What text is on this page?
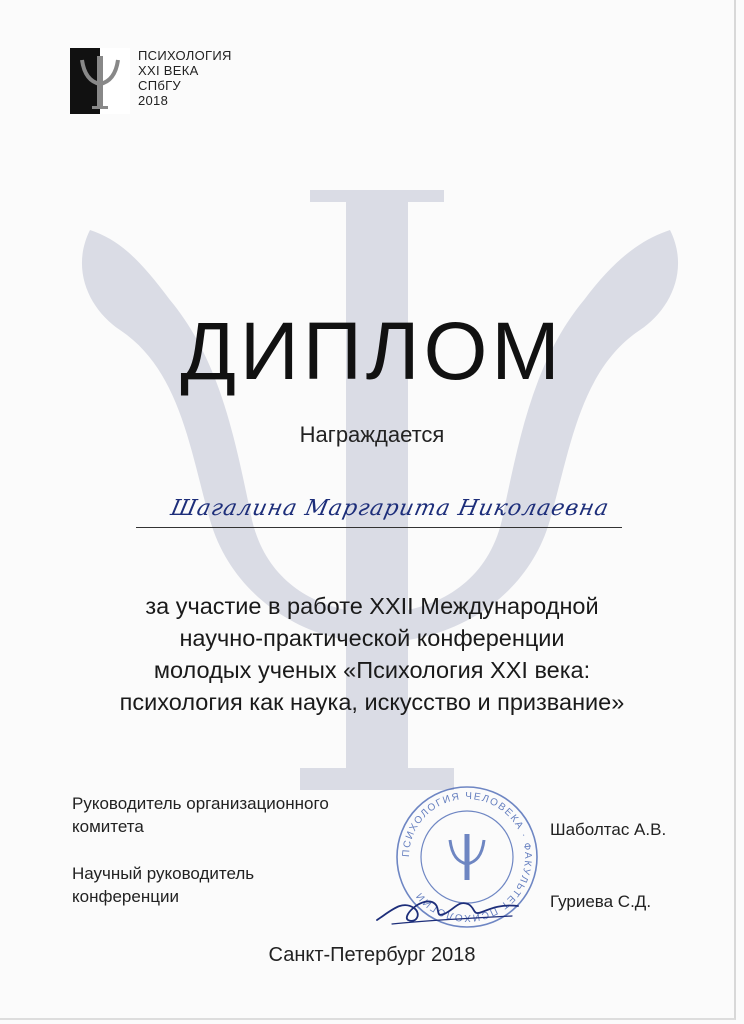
ПСИХОЛОГИЯ
XXI ВЕКА
СПбГУ
2018
ДИПЛОМ
Награждается
Шагалина Маргарита Николаевна
за участие в работе XXII Международной
научно-практической конференции
молодых ученых «Психология XXI века:
психология как наука, искусство и призвание»
Руководитель организационного
комитета	Шаболтас А.В.
Научный руководитель
конференции	Гуриева С.Д.
ПСИХОЛОГИЯ ЧЕЛОВЕКА · ФАКУЛЬТЕТ ПСИХОЛОГИИ
Санкт-Петербург 2018
